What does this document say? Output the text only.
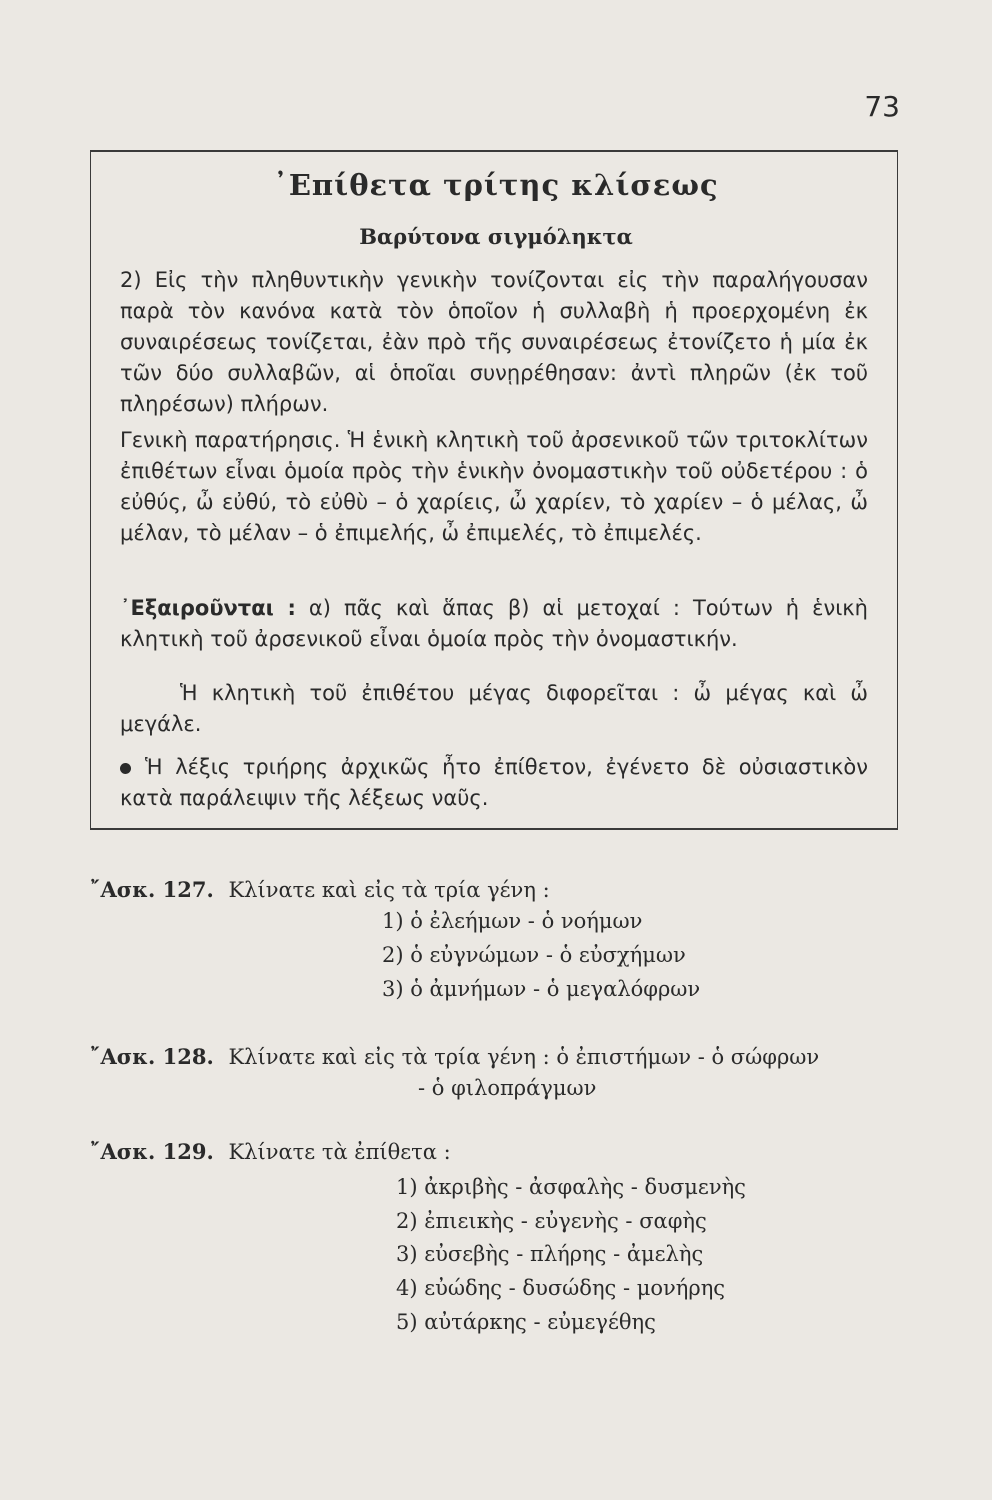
73
᾿Επίθετα τρίτης κλίσεως
Βαρύτονα σιγμόληκτα
2) Εἰς τὴν πληθυντικὴν γενικὴν τονίζονται εἰς τὴν παραλήγουσαν παρὰ τὸν κανόνα κατὰ τὸν ὁποῖον ἡ συλλαβὴ ἡ προερχομένη ἐκ συναιρέσεως τονίζεται, ἐὰν πρὸ τῆς συναιρέσεως ἐτονίζετο ἡ μία ἐκ τῶν δύο συλλαβῶν, αἱ ὁποῖαι συνῃρέθησαν: ἀντὶ πληρῶν (ἐκ τοῦ πληρέσων) πλήρων.
Γενικὴ παρατήρησις. Ἡ ἑνικὴ κλητικὴ τοῦ ἀρσενικοῦ τῶν τριτοκλίτων ἐπιθέτων εἶναι ὁμοία πρὸς τὴν ἑνικὴν ὀνομαστικὴν τοῦ οὐδετέρου : ὁ εὐθύς, ὦ εὐθύ, τὸ εὐθὺ – ὁ χαρίεις, ὦ χαρίεν, τὸ χαρίεν – ὁ μέλας, ὦ μέλαν, τὸ μέλαν – ὁ ἐπιμελής, ὦ ἐπιμελές, τὸ ἐπιμελές.
᾿Εξαιροῦνται : α) πᾶς καὶ ἅπας β) αἱ μετοχαί : Τούτων ἡ ἑνικὴ κλητικὴ τοῦ ἀρσενικοῦ εἶναι ὁμοία πρὸς τὴν ὀνομαστικήν.
Ἡ κλητικὴ τοῦ ἐπιθέτου μέγας διφορεῖται : ὦ μέγας καὶ ὦ μεγάλε.
Ἡ λέξις τριήρης ἀρχικῶς ἦτο ἐπίθετον, ἐγένετο δὲ οὐσιαστικὸν κατὰ παράλειψιν τῆς λέξεως ναῦς.
῎Ασκ. 127. Κλίνατε καὶ εἰς τὰ τρία γένη :
1) ὁ ἐλεήμων - ὁ νοήμων
2) ὁ εὐγνώμων - ὁ εὐσχήμων
3) ὁ ἀμνήμων - ὁ μεγαλόφρων
῎Ασκ. 128. Κλίνατε καὶ εἰς τὰ τρία γένη : ὁ ἐπιστήμων - ὁ σώφρων
- ὁ φιλοπράγμων
῎Ασκ. 129. Κλίνατε τὰ ἐπίθετα :
1) ἀκριβὴς - ἀσφαλὴς - δυσμενὴς
2) ἐπιεικὴς - εὐγενὴς - σαφὴς
3) εὐσεβὴς - πλήρης - ἀμελὴς
4) εὐώδης - δυσώδης - μονήρης
5) αὐτάρκης - εὐμεγέθης
